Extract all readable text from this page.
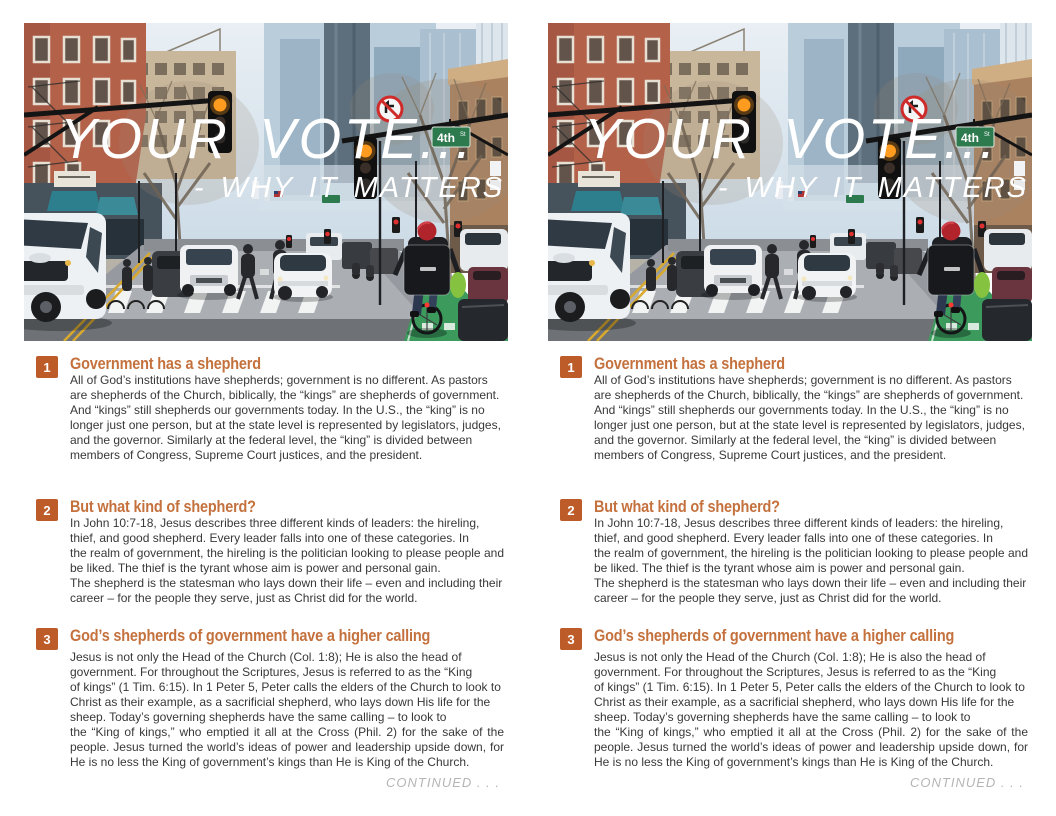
YOUR VOTE...
- WHY IT MATTERS
CONTINUED . . .
1	Government has a shepherd

All of God’s institutions have shepherds; government is no different. As pastors are shepherds of the Church, biblically, the “kings” are shepherds of government. And “kings” still shepherds our governments today. In the U.S., the “king” is no longer just one person, but at the state level is represented by legislators, judges, and the governor. Similarly at the federal level, the “king” is divided between members of Congress, Supreme Court justices, and the president.

2	But what kind of shepherd?

In John 10:7-18, Jesus describes three different kinds of leaders: the hireling, thief, and good shepherd. Every leader falls into one of these categories. In

the realm of government, the hireling is the politician looking to please people and be liked. The thief is the tyrant whose aim is power and personal gain.

The shepherd is the statesman who lays down their life – even and including their career – for the people they serve, just as Christ did for the world.

3	God’s shepherds of government have a higher calling

Jesus is not only the Head of the Church (Col. 1:8); He is also the head of government. For throughout the Scriptures, Jesus is referred to as the “King

of kings” (1 Tim. 6:15). In 1 Peter 5, Peter calls the elders of the Church to look to Christ as their example, as a sacrificial shepherd, who lays down His life for the sheep. Today’s governing shepherds have the same calling – to look to

the “King of kings,” who emptied it all at the Cross (Phil. 2) for the sake of the people. Jesus turned the world’s ideas of power and leadership upside down, for He is no less the King of government’s kings than He is King of the Church.

YOUR VOTE...
- WHY IT MATTERS
CONTINUED . . .
1	Government has a shepherd

All of God’s institutions have shepherds; government is no different. As pastors are shepherds of the Church, biblically, the “kings” are shepherds of government. And “kings” still shepherds our governments today. In the U.S., the “king” is no longer just one person, but at the state level is represented by legislators, judges, and the governor. Similarly at the federal level, the “king” is divided between members of Congress, Supreme Court justices, and the president.

2	But what kind of shepherd?

In John 10:7-18, Jesus describes three different kinds of leaders: the hireling, thief, and good shepherd. Every leader falls into one of these categories. In

the realm of government, the hireling is the politician looking to please people and be liked. The thief is the tyrant whose aim is power and personal gain.

The shepherd is the statesman who lays down their life – even and including their career – for the people they serve, just as Christ did for the world.

3	God’s shepherds of government have a higher calling

Jesus is not only the Head of the Church (Col. 1:8); He is also the head of government. For throughout the Scriptures, Jesus is referred to as the “King

of kings” (1 Tim. 6:15). In 1 Peter 5, Peter calls the elders of the Church to look to Christ as their example, as a sacrificial shepherd, who lays down His life for the sheep. Today’s governing shepherds have the same calling – to look to

the “King of kings,” who emptied it all at the Cross (Phil. 2) for the sake of the people. Jesus turned the world’s ideas of power and leadership upside down, for He is no less the King of government’s kings than He is King of the Church.
